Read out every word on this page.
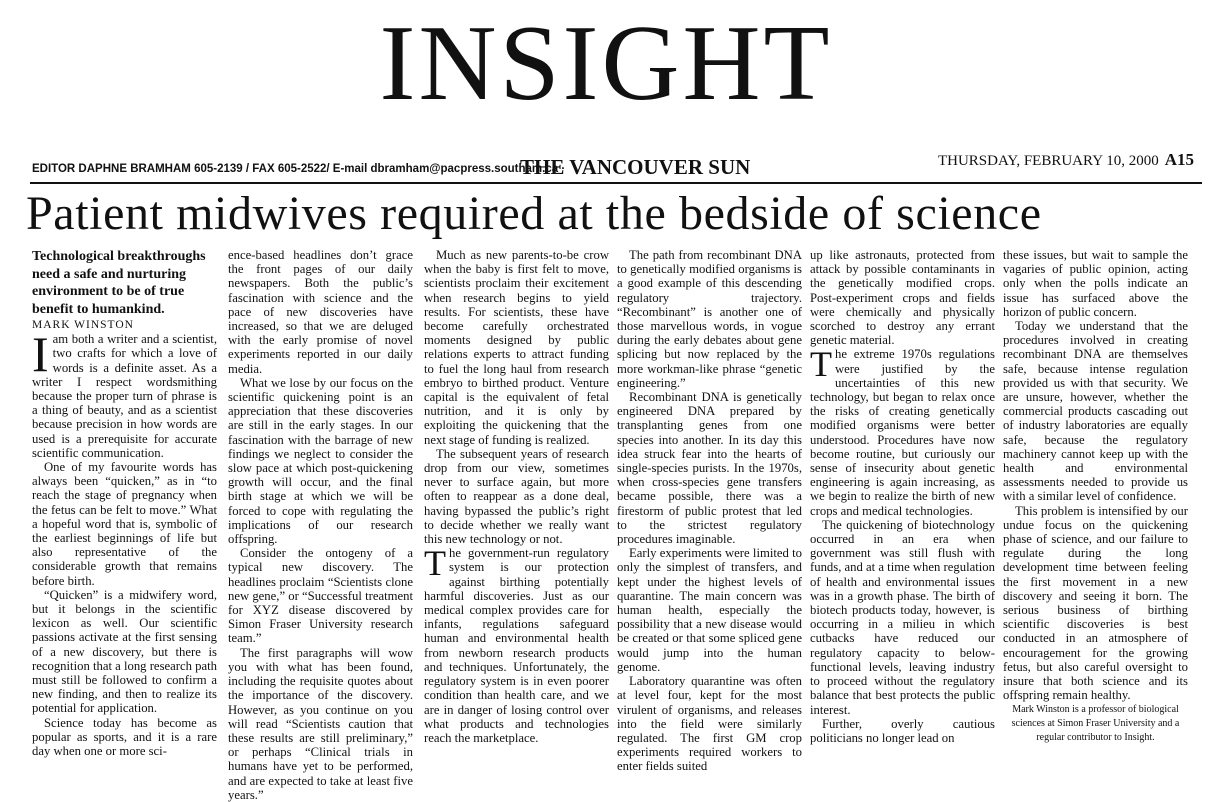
INSIGHT
EDITOR DAPHNE BRAMHAM 605-2139 / FAX 605-2522/ E-mail dbramham@pacpress.southam.ca ·
THE VANCOUVER SUN	THURSDAY, FEBRUARY 10, 2000 A15
Patient midwives required at the bedside of science

Technological breakthroughs need a safe and nurturing environment to be of true benefit to humankind.

MARK WINSTON

Iam both a writer and a scientist, two crafts for which a love of words is a definite asset. As a writer I respect wordsmithing because the proper turn of phrase is a thing of beauty, and as a scientist because precision in how words are used is a prerequisite for accurate scientific communication.

One of my favourite words has always been “quicken,” as in “to reach the stage of pregnancy when the fetus can be felt to move.” What a hopeful word that is, symbolic of the earliest beginnings of life but also representative of the considerable growth that remains before birth.

“Quicken” is a midwifery word, but it belongs in the scientific lexicon as well. Our scientific passions activate at the first sensing of a new discovery, but there is recognition that a long research path must still be followed to confirm a new finding, and then to realize its potential for application.

Science today has become as popular as sports, and it is a rare day when one or more sci-

ence-based headlines don’t grace the front pages of our daily newspapers. Both the public’s fascination with science and the pace of new discoveries have increased, so that we are deluged with the early promise of novel experiments reported in our daily media.

What we lose by our focus on the scientific quickening point is an appreciation that these discoveries are still in the early stages. In our fascination with the barrage of new findings we neglect to consider the slow pace at which post-quickening growth will occur, and the final birth stage at which we will be forced to cope with regulating the implications of our research offspring.

Consider the ontogeny of a typical new discovery. The headlines proclaim “Scientists clone new gene,” or “Successful treatment for XYZ disease discovered by Simon Fraser University research team.”

The first paragraphs will wow you with what has been found, including the requisite quotes about the importance of the discovery. However, as you continue on you will read “Scientists caution that these results are still preliminary,” or perhaps “Clinical trials in humans have yet to be performed, and are expected to take at least five years.”

Much as new parents-to-be crow when the baby is first felt to move, scientists proclaim their excitement when research begins to yield results. For scientists, these have become carefully orchestrated moments designed by public relations experts to attract funding to fuel the long haul from research embryo to birthed product. Venture capital is the equivalent of fetal nutrition, and it is only by exploiting the quickening that the next stage of funding is realized.

The subsequent years of research drop from our view, sometimes never to surface again, but more often to reappear as a done deal, having bypassed the public’s right to decide whether we really want this new technology or not.

The government-run regulatory system is our protection against birthing potentially harmful discoveries. Just as our medical complex provides care for infants, regulations safeguard human and environmental health from newborn research products and techniques. Unfortunately, the regulatory system is in even poorer condition than health care, and we are in danger of losing control over what products and technologies reach the marketplace.

The path from recombinant DNA to genetically modified organisms is a good example of this descending regulatory trajectory. “Recombinant” is another one of those marvellous words, in vogue during the early debates about gene splicing but now replaced by the more workman-like phrase “genetic engineering.”

Recombinant DNA is genetically engineered DNA prepared by transplanting genes from one species into another. In its day this idea struck fear into the hearts of single-species purists. In the 1970s, when cross-species gene transfers became possible, there was a firestorm of public protest that led to the strictest regulatory procedures imaginable.

Early experiments were limited to only the simplest of transfers, and kept under the highest levels of quarantine. The main concern was human health, especially the possibility that a new disease would be created or that some spliced gene would jump into the human genome.

Laboratory quarantine was often at level four, kept for the most virulent of organisms, and releases into the field were similarly regulated. The first GM crop experiments required workers to enter fields suited

up like astronauts, protected from attack by possible contaminants in the genetically modified crops. Post-experiment crops and fields were chemically and physically scorched to destroy any errant genetic material.

The extreme 1970s regulations were justified by the uncertainties of this new technology, but began to relax once the risks of creating genetically modified organisms were better understood. Procedures have now become routine, but curiously our sense of insecurity about genetic engineering is again increasing, as we begin to realize the birth of new crops and medical technologies.

The quickening of biotechnology occurred in an era when government was still flush with funds, and at a time when regulation of health and environmental issues was in a growth phase. The birth of biotech products today, however, is occurring in a milieu in which cutbacks have reduced our regulatory capacity to below-functional levels, leaving industry to proceed without the regulatory balance that best protects the public interest.

Further, overly cautious politicians no longer lead on

these issues, but wait to sample the vagaries of public opinion, acting only when the polls indicate an issue has surfaced above the horizon of public concern.

Today we understand that the procedures involved in creating recombinant DNA are themselves safe, because intense regulation provided us with that security. We are unsure, however, whether the commercial products cascading out of industry laboratories are equally safe, because the regulatory machinery cannot keep up with the health and environmental assessments needed to provide us with a similar level of confidence.

This problem is intensified by our undue focus on the quickening phase of science, and our failure to regulate during the long development time between feeling the first movement in a new discovery and seeing it born. The serious business of birthing scientific discoveries is best conducted in an atmosphere of encouragement for the growing fetus, but also careful oversight to insure that both science and its offspring remain healthy.

Mark Winston is a professor of biological sciences at Simon Fraser University and a regular contributor to Insight.
